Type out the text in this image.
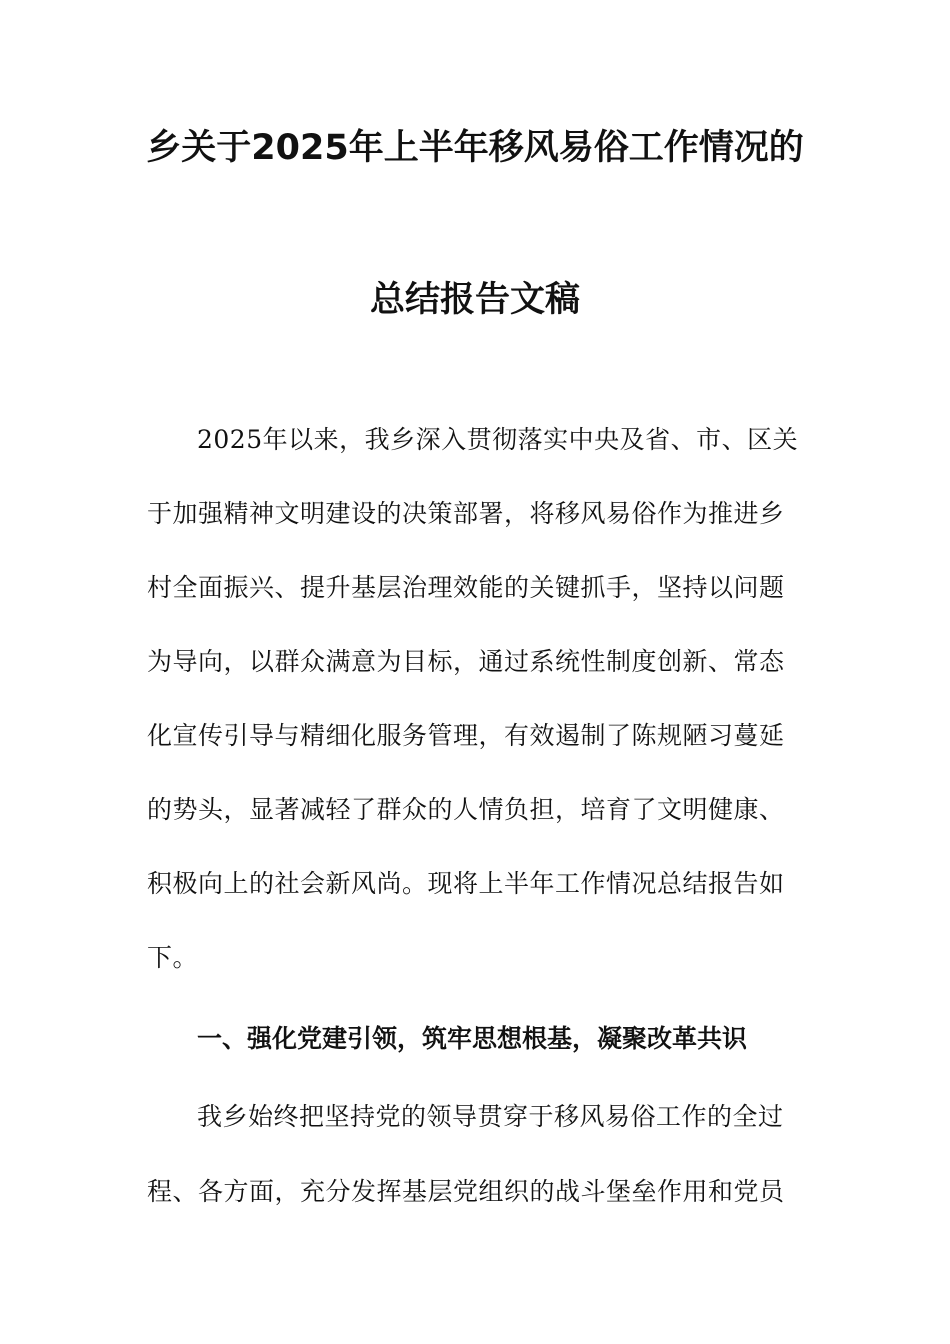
乡关于2025年上半年移风易俗工作情况的
总结报告文稿
2025年以来，我乡深入贯彻落实中央及省、市、区关
于加强精神文明建设的决策部署，将移风易俗作为推进乡
村全面振兴、提升基层治理效能的关键抓手，坚持以问题
为导向，以群众满意为目标，通过系统性制度创新、常态
化宣传引导与精细化服务管理，有效遏制了陈规陋习蔓延
的势头，显著减轻了群众的人情负担，培育了文明健康、
积极向上的社会新风尚。现将上半年工作情况总结报告如
下。
一、强化党建引领，筑牢思想根基，凝聚改革共识
我乡始终把坚持党的领导贯穿于移风易俗工作的全过
程、各方面，充分发挥基层党组织的战斗堡垒作用和党员
